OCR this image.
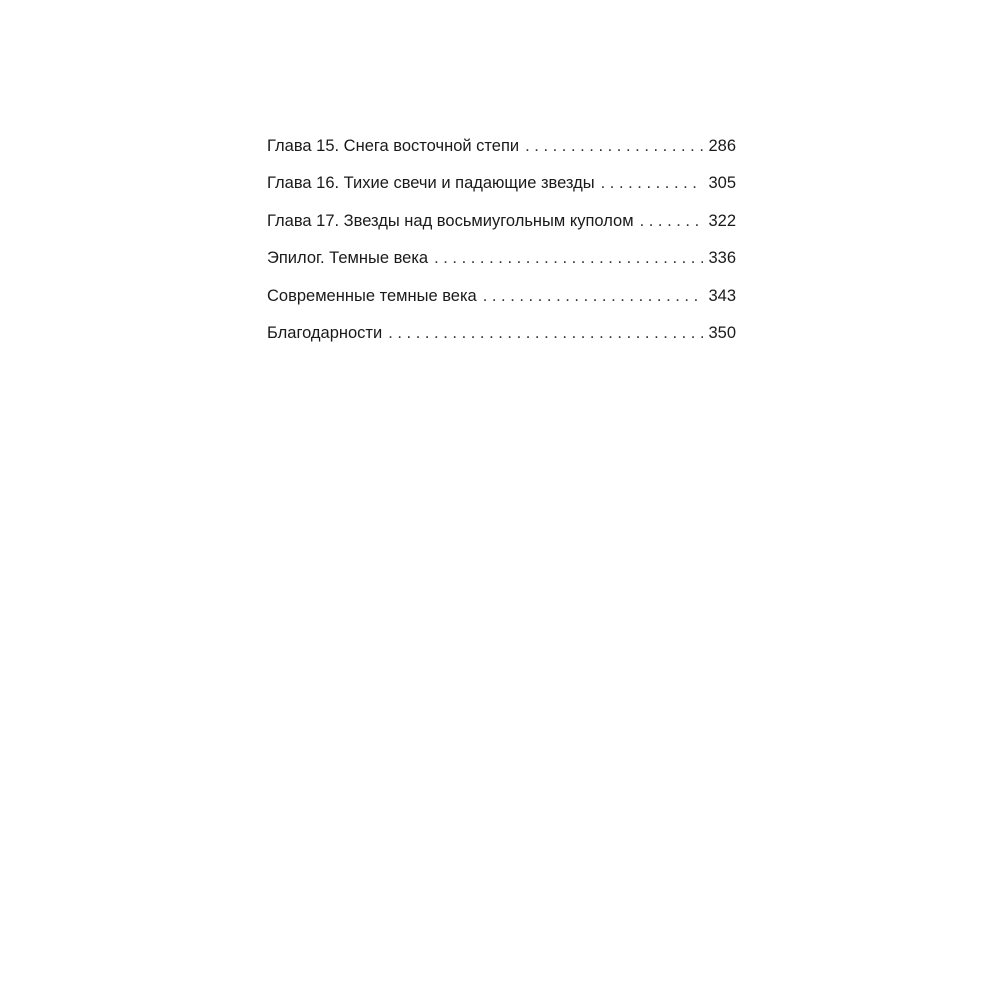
Глава 15. Снега восточной степи . . .	286
Глава 16. Тихие свечи и падающие звезды . . .	305
Глава 17. Звезды над восьмиугольным куполом . . .	322
Эпилог. Темные века . . .	336
Современные темные века . . .	343
Благодарности . . .	350
